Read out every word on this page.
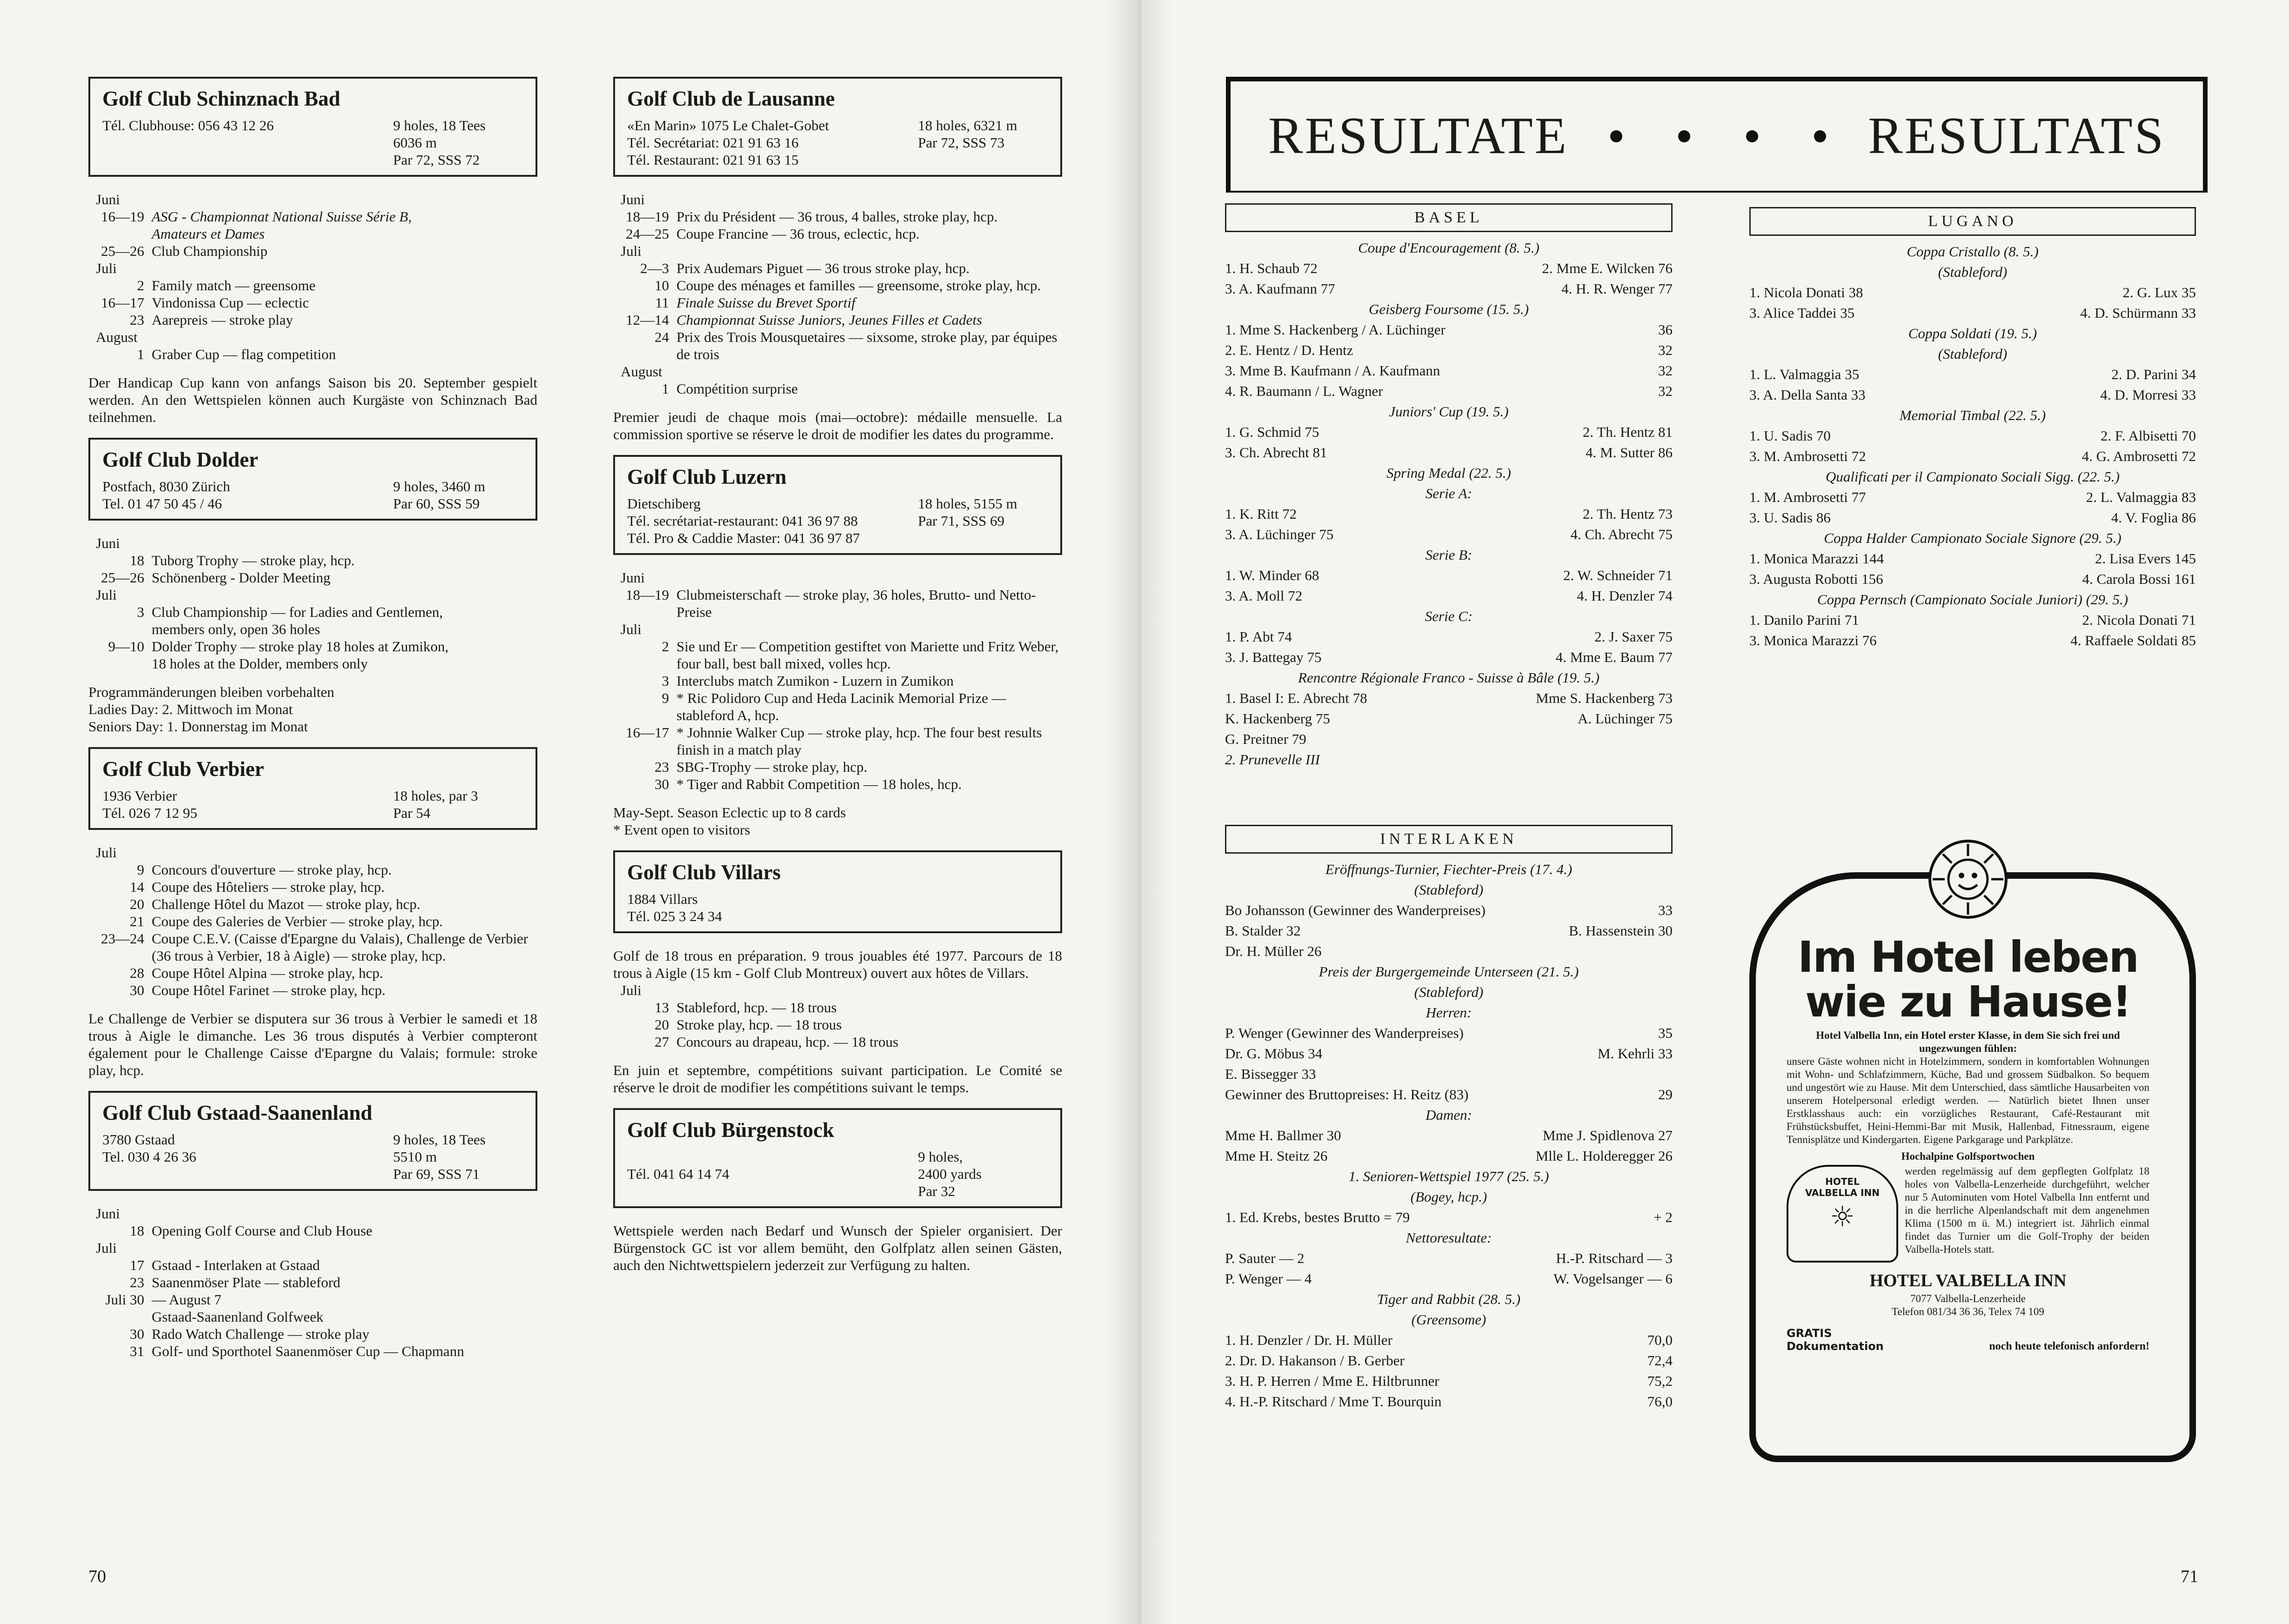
Golf Club Schinznach Bad
Tél. Clubhouse: 056 43 12 26	9 holes, 18 Tees
6036 m
Par 72, SSS 72
Juni
16—19 ASG - Championnat National Suisse Série B,
Amateurs et Dames
25—26 Club Championship
Juli
2 Family match — greensome
16—17 Vindonissa Cup — eclectic
23 Aarepreis — stroke play
August
1 Graber Cup — flag competition
Der Handicap Cup kann von anfangs Saison bis 20. September gespielt werden. An den Wettspielen können auch Kurgäste von Schinznach Bad teilnehmen.
Golf Club Dolder
Postfach, 8030 Zürich
Tel. 01 47 50 45 / 46
9 holes, 3460 m
Par 60, SSS 59
Juni
18 Tuborg Trophy — stroke play, hcp.
25—26 Schönenberg - Dolder Meeting
Juli
3 Club Championship — for Ladies and Gentlemen,
members only, open 36 holes
9—10 Dolder Trophy — stroke play 18 holes at Zumikon,
18 holes at the Dolder, members only
Programmänderungen bleiben vorbehalten
Ladies Day: 2. Mittwoch im Monat
Seniors Day: 1. Donnerstag im Monat
Golf Club Verbier
1936 Verbier
Tél. 026 7 12 95
18 holes, par 3
Par 54
Juli
9 Concours d'ouverture — stroke play, hcp.
14 Coupe des Hôteliers — stroke play, hcp.
20 Challenge Hôtel du Mazot — stroke play, hcp.
21 Coupe des Galeries de Verbier — stroke play, hcp.
23—24 Coupe C.E.V. (Caisse d'Epargne du Valais), Challenge de Verbier (36 trous à Verbier, 18 à Aigle) — stroke play, hcp.
28 Coupe Hôtel Alpina — stroke play, hcp.
30 Coupe Hôtel Farinet — stroke play, hcp.
Le Challenge de Verbier se disputera sur 36 trous à Verbier le samedi et 18 trous à Aigle le dimanche. Les 36 trous disputés à Verbier compteront également pour le Challenge Caisse d'Epargne du Valais; formule: stroke play, hcp.
Golf Club Gstaad-Saanenland
3780 Gstaad
Tel. 030 4 26 36
9 holes, 18 Tees
5510 m
Par 69, SSS 71
Juni
18 Opening Golf Course and Club House
Juli
17 Gstaad - Interlaken at Gstaad
23 Saanenmöser Plate — stableford
Juli 30 — August 7
Gstaad-Saanenland Golfweek
30 Rado Watch Challenge — stroke play
31 Golf- und Sporthotel Saanenmöser Cup — Chapmann
Golf Club de Lausanne
«En Marin» 1075 Le Chalet-Gobet
Tél. Secrétariat: 021 91 63 16
Tél. Restaurant: 021 91 63 15
18 holes, 6321 m
Par 72, SSS 73
Juni
18—19 Prix du Président — 36 trous, 4 balles, stroke play, hcp.
24—25 Coupe Francine — 36 trous, eclectic, hcp.
Juli
2—3 Prix Audemars Piguet — 36 trous stroke play, hcp.
10 Coupe des ménages et familles — greensome, stroke play, hcp.
11 Finale Suisse du Brevet Sportif
12—14 Championnat Suisse Juniors, Jeunes Filles et Cadets
24 Prix des Trois Mousquetaires — sixsome, stroke play, par équipes de trois
August
1 Compétition surprise
Premier jeudi de chaque mois (mai—octobre): médaille mensuelle. La commission sportive se réserve le droit de modifier les dates du programme.
Golf Club Luzern
Dietschiberg
Tél. secrétariat-restaurant: 041 36 97 88
Tél. Pro & Caddie Master: 041 36 97 87
18 holes, 5155 m
Par 71, SSS 69
Juni
18—19 Clubmeisterschaft — stroke play, 36 holes, Brutto- und Netto-Preise
Juli
2 Sie und Er — Competition gestiftet von Mariette und Fritz Weber, four ball, best ball mixed, volles hcp.
3 Interclubs match Zumikon - Luzern in Zumikon
9 * Ric Polidoro Cup and Heda Lacinik Memorial Prize — stableford A, hcp.
16—17 * Johnnie Walker Cup — stroke play, hcp. The four best results finish in a match play
23 SBG-Trophy — stroke play, hcp.
30 * Tiger and Rabbit Competition — 18 holes, hcp.
May-Sept. Season Eclectic up to 8 cards
* Event open to visitors
Golf Club Villars
1884 Villars
Tél. 025 3 24 34
Golf de 18 trous en préparation. 9 trous jouables été 1977. Parcours de 18 trous à Aigle (15 km - Golf Club Montreux) ouvert aux hôtes de Villars.
Juli
13 Stableford, hcp. — 18 trous
20 Stroke play, hcp. — 18 trous
27 Concours au drapeau, hcp. — 18 trous
En juin et septembre, compétitions suivant participation. Le Comité se réserve le droit de modifier les compétitions suivant le temps.
Golf Club Bürgenstock
Tél. 041 64 14 74
9 holes,
2400 yards
Par 32
Wettspiele werden nach Bedarf und Wunsch der Spieler organisiert. Der Bürgenstock GC ist vor allem bemüht, den Golfplatz allen seinen Gästen, auch den Nichtwettspielern jederzeit zur Verfügung zu halten.
70
RESULTATE	RESULTATS
BASEL
Coupe d'Encouragement (8. 5.)
1. H. Schaub 72	2. Mme E. Wilcken 76
3. A. Kaufmann 77	4. H. R. Wenger 77
Geisberg Foursome (15. 5.)
1. Mme S. Hackenberg / A. Lüchinger	36
2. E. Hentz / D. Hentz	32
3. Mme B. Kaufmann / A. Kaufmann	32
4. R. Baumann / L. Wagner	32
Juniors' Cup (19. 5.)
1. G. Schmid 75	2. Th. Hentz 81
3. Ch. Abrecht 81	4. M. Sutter 86
Spring Medal (22. 5.)
Serie A:
1. K. Ritt 72	2. Th. Hentz 73
3. A. Lüchinger 75	4. Ch. Abrecht 75
Serie B:
1. W. Minder 68	2. W. Schneider 71
3. A. Moll 72	4. H. Denzler 74
Serie C:
1. P. Abt 74	2. J. Saxer 75
3. J. Battegay 75	4. Mme E. Baum 77
Rencontre Régionale Franco - Suisse à Bâle (19. 5.)
1. Basel I: E. Abrecht 78	Mme S. Hackenberg 73
K. Hackenberg 75	A. Lüchinger 75
G. Preitner 79
2. Prunevelle III
INTERLAKEN
Eröffnungs-Turnier, Fiechter-Preis (17. 4.)
(Stableford)
Bo Johansson (Gewinner des Wanderpreises)	33
B. Stalder 32	B. Hassenstein 30
Dr. H. Müller 26
Preis der Burgergemeinde Unterseen (21. 5.)
(Stableford)
Herren:
P. Wenger (Gewinner des Wanderpreises)	35
Dr. G. Möbus 34	M. Kehrli 33
E. Bissegger 33
Gewinner des Bruttopreises: H. Reitz (83)	29
Damen:
Mme H. Ballmer 30	Mme J. Spidlenova 27
Mme H. Steitz 26	Mlle L. Holderegger 26
1. Senioren-Wettspiel 1977 (25. 5.)
(Bogey, hcp.)
1. Ed. Krebs, bestes Brutto = 79	+ 2
Nettoresultate:
P. Sauter — 2	H.-P. Ritschard — 3
P. Wenger — 4	W. Vogelsanger — 6
Tiger and Rabbit (28. 5.)
(Greensome)
1. H. Denzler / Dr. H. Müller	70,0
2. Dr. D. Hakanson / B. Gerber	72,4
3. H. P. Herren / Mme E. Hiltbrunner	75,2
4. H.-P. Ritschard / Mme T. Bourquin	76,0
LUGANO
Coppa Cristallo (8. 5.)
(Stableford)
1. Nicola Donati 38	2. G. Lux 35
3. Alice Taddei 35	4. D. Schürmann 33
Coppa Soldati (19. 5.)
(Stableford)
1. L. Valmaggia 35	2. D. Parini 34
3. A. Della Santa 33	4. D. Morresi 33
Memorial Timbal (22. 5.)
1. U. Sadis 70	2. F. Albisetti 70
3. M. Ambrosetti 72	4. G. Ambrosetti 72
Qualificati per il Campionato Sociali Sigg. (22. 5.)
1. M. Ambrosetti 77	2. L. Valmaggia 83
3. U. Sadis 86	4. V. Foglia 86
Coppa Halder Campionato Sociale Signore (29. 5.)
1. Monica Marazzi 144	2. Lisa Evers 145
3. Augusta Robotti 156	4. Carola Bossi 161
Coppa Pernsch (Campionato Sociale Juniori) (29. 5.)
1. Danilo Parini 71	2. Nicola Donati 71
3. Monica Marazzi 76	4. Raffaele Soldati 85
Im Hotel leben
wie zu Hause!
Hotel Valbella Inn, ein Hotel erster Klasse, in dem Sie sich frei und ungezwungen fühlen:
unsere Gäste wohnen nicht in Hotelzimmern, sondern in komfortablen Wohnungen mit Wohn- und Schlafzimmern, Küche, Bad und grossem Südbalkon. So bequem und ungestört wie zu Hause. Mit dem Unterschied, dass sämtliche Hausarbeiten von unserem Hotelpersonal erledigt werden. — Natürlich bietet Ihnen unser Erstklasshaus auch: ein vorzügliches Restaurant, Café-Restaurant mit Frühstücksbuffet, Heini-Hemmi-Bar mit Musik, Hallenbad, Fitnessraum, eigene Tennisplätze und Kindergarten. Eigene Parkgarage und Parkplätze.
Hochalpine Golfsportwochen
HOTEL VALBELLA INN
☼
werden regelmässig auf dem gepflegten Golfplatz 18 holes von Valbella-Lenzerheide durchgeführt, welcher nur 5 Autominuten vom Hotel Valbella Inn entfernt und in die herrliche Alpenlandschaft mit dem angenehmen Klima (1500 m ü. M.) integriert ist. Jährlich einmal findet das Turnier um die Golf-Trophy der beiden Valbella-Hotels statt.
HOTEL VALBELLA INN
7077 Valbella-Lenzerheide
Telefon 081/34 36 36, Telex 74 109
GRATIS Dokumentation	noch heute telefonisch anfordern!
71
